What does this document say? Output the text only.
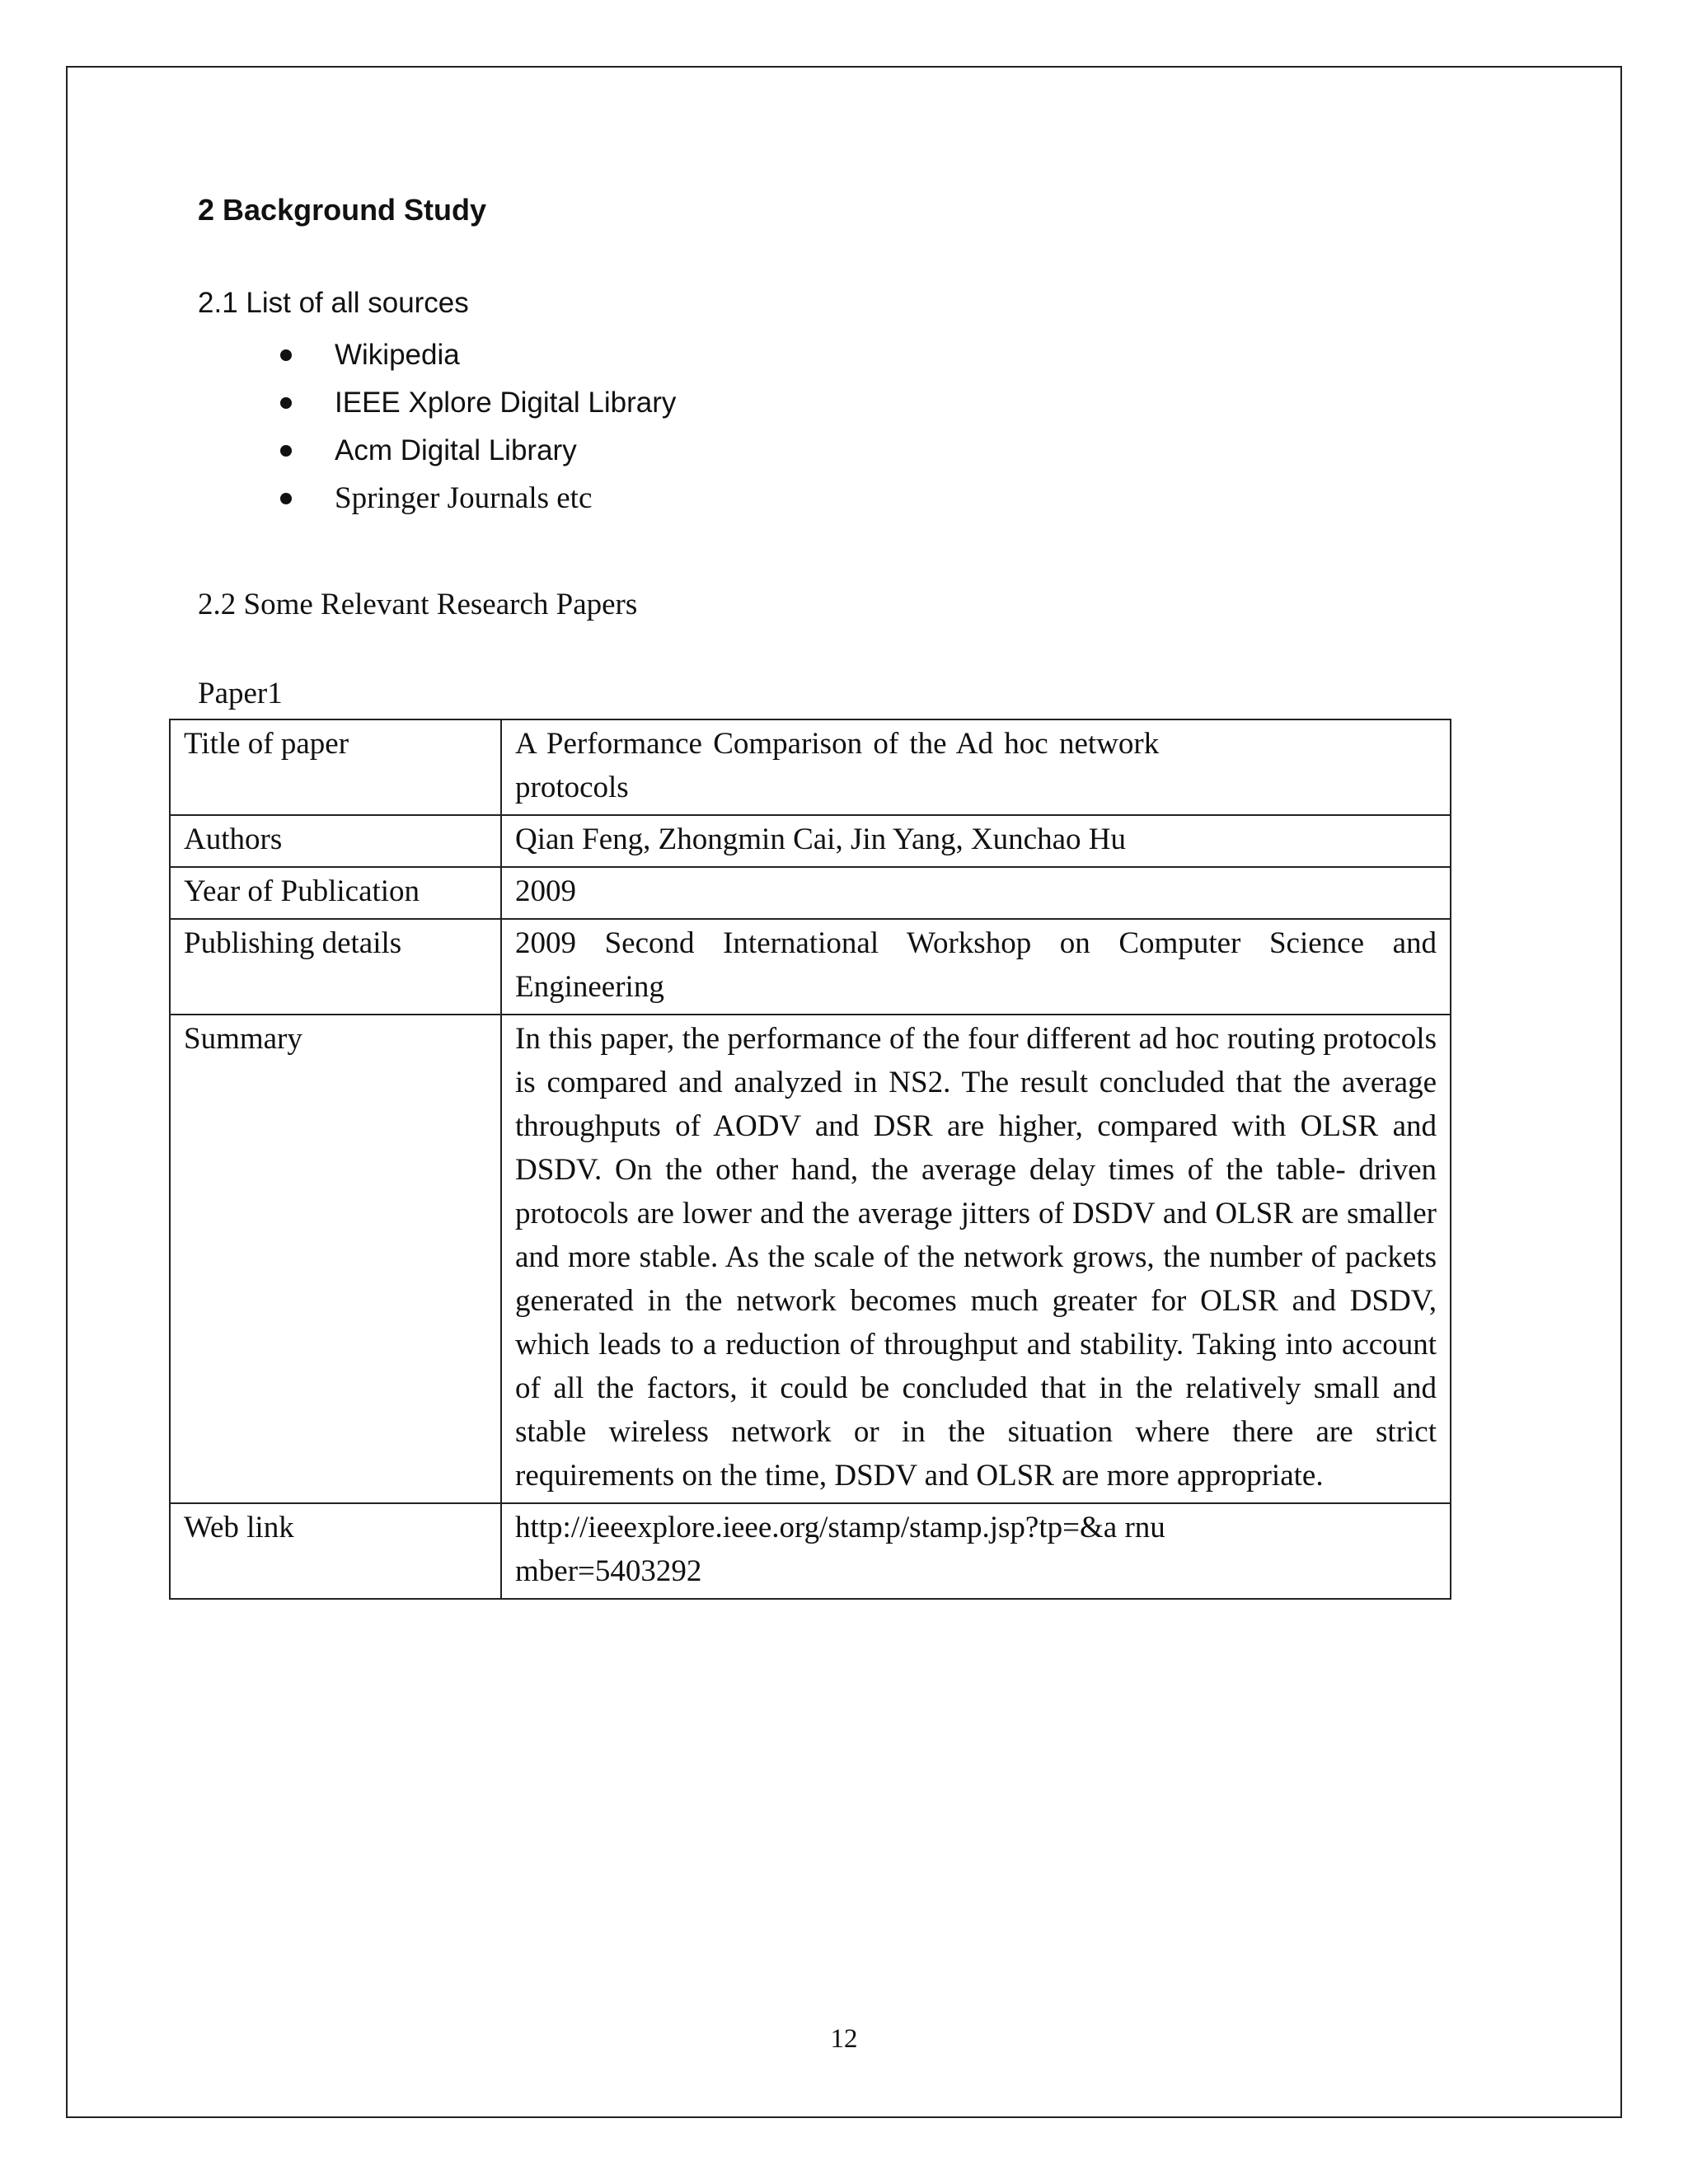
2 Background Study
2.1 List of all sources
Wikipedia
IEEE Xplore Digital Library
Acm Digital Library
Springer Journals etc
2.2 Some Relevant Research Papers
Paper1
Title of paper	A Performance Comparison of the Ad hoc network protocols
Authors	Qian Feng, Zhongmin Cai, Jin Yang, Xunchao Hu
Year of Publication	2009
Publishing details	2009 Second International Workshop on Computer Science and Engineering
Summary	In this paper, the performance of the four different ad hoc routing protocols is compared and analyzed in NS2. The result concluded that the average throughputs of AODV and DSR are higher, compared with OLSR and DSDV. On the other hand, the average delay times of the table- driven protocols are lower and the average jitters of DSDV and OLSR are smaller and more stable. As the scale of the network grows, the number of packets generated in the network becomes much greater for OLSR and DSDV, which leads to a reduction of throughput and stability. Taking into account of all the factors, it could be concluded that in the relatively small and stable wireless network or in the situation where there are strict requirements on the time, DSDV and OLSR are more appropriate.
Web link	http://ieeexplore.ieee.org/stamp/stamp.jsp?tp=&a rnumber=5403292
12
